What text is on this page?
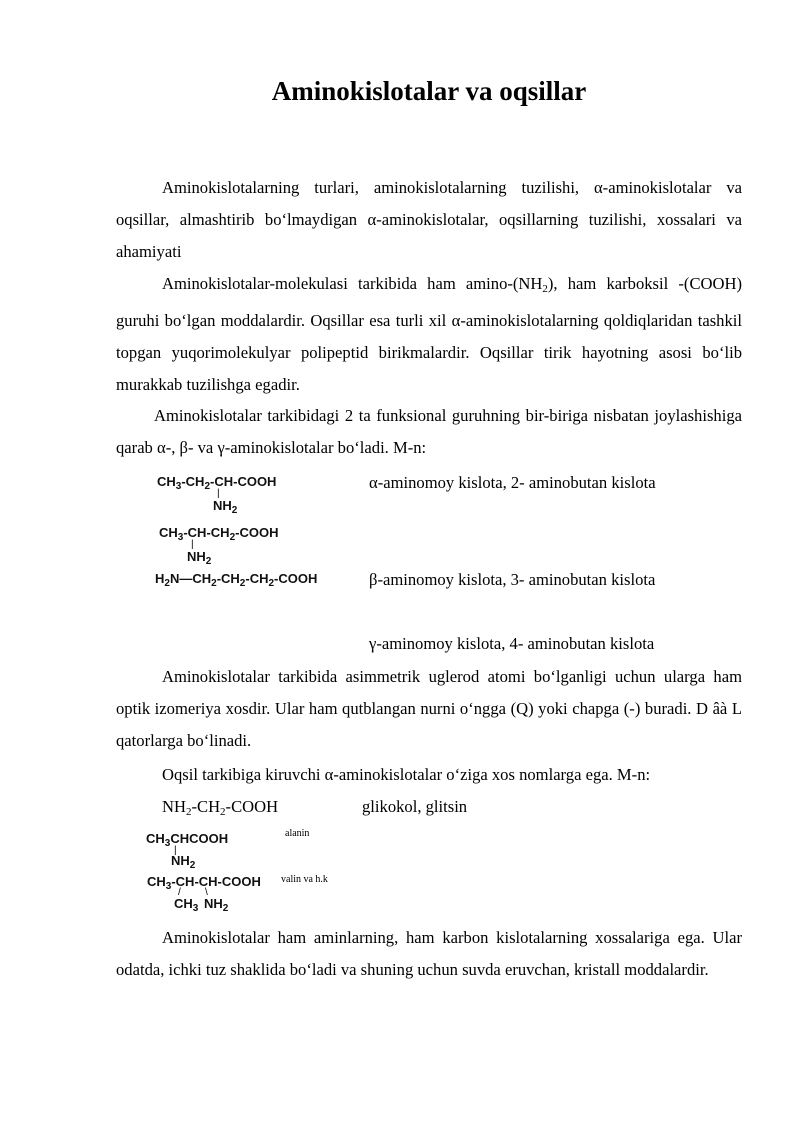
Aminokislotalar va oqsillar
Aminokislotalarning turlari, aminokislotalarning tuzilishi, α-aminokislotalar va oqsillar, almashtirib bo‘lmaydigan α-aminokislotalar, oqsillarning tuzilishi, xossalari va ahamiyati
Aminokislotalar-molekulasi tarkibida ham amino-$(NH_2)$, ham karboksil -(COOH) guruhi bo‘lgan moddalardir. Oqsillar esa turli xil α-aminokislotalarning qoldiqlaridan tashkil topgan yuqorimolekulyar polipeptid birikmalardir. Oqsillar tirik hayotning asosi bo‘lib murakkab tuzilishga egadir.
Aminokislotalar tarkibidagi 2 ta funksional guruhning bir-biriga nisbatan joylashishiga qarab α-, β- va γ-aminokislotalar bo‘ladi. M-n:
$CH_3-CH_2-CH$-COOH
|
$NH_2$
$CH_3-CH-CH_2$-COOH
|
$NH_2$
$H_2N—CH_2-CH_2-CH_2$-COOH
α-aminomoy kislota, 2- aminobutan kislota
β-aminomoy kislota, 3- aminobutan kislota
γ-aminomoy kislota, 4- aminobutan kislota
Aminokislotalar tarkibida asimmetrik uglerod atomi bo‘lganligi uchun ularga ham optik izomeriya xosdir. Ular ham qutblangan nurni o‘ngga (Q) yoki chapga (-) buradi. D âà L qatorlarga bo‘linadi.
Oqsil tarkibiga kiruvchi α-aminokislotalar o‘ziga xos nomlarga ega. M-n:
$NH_2-CH_2$-COOH	glikokol, glitsin
$CH_3CHCOOH$
|
$NH_2$
alanin
$CH_3-CH-CH$-COOH
/ \
$CH_3$ $NH_2$
valin va h.k
Aminokislotalar ham aminlarning, ham karbon kislotalarning xossalariga ega. Ular odatda, ichki tuz shaklida bo‘ladi va shuning uchun suvda eruvchan, kristall moddalardir.
